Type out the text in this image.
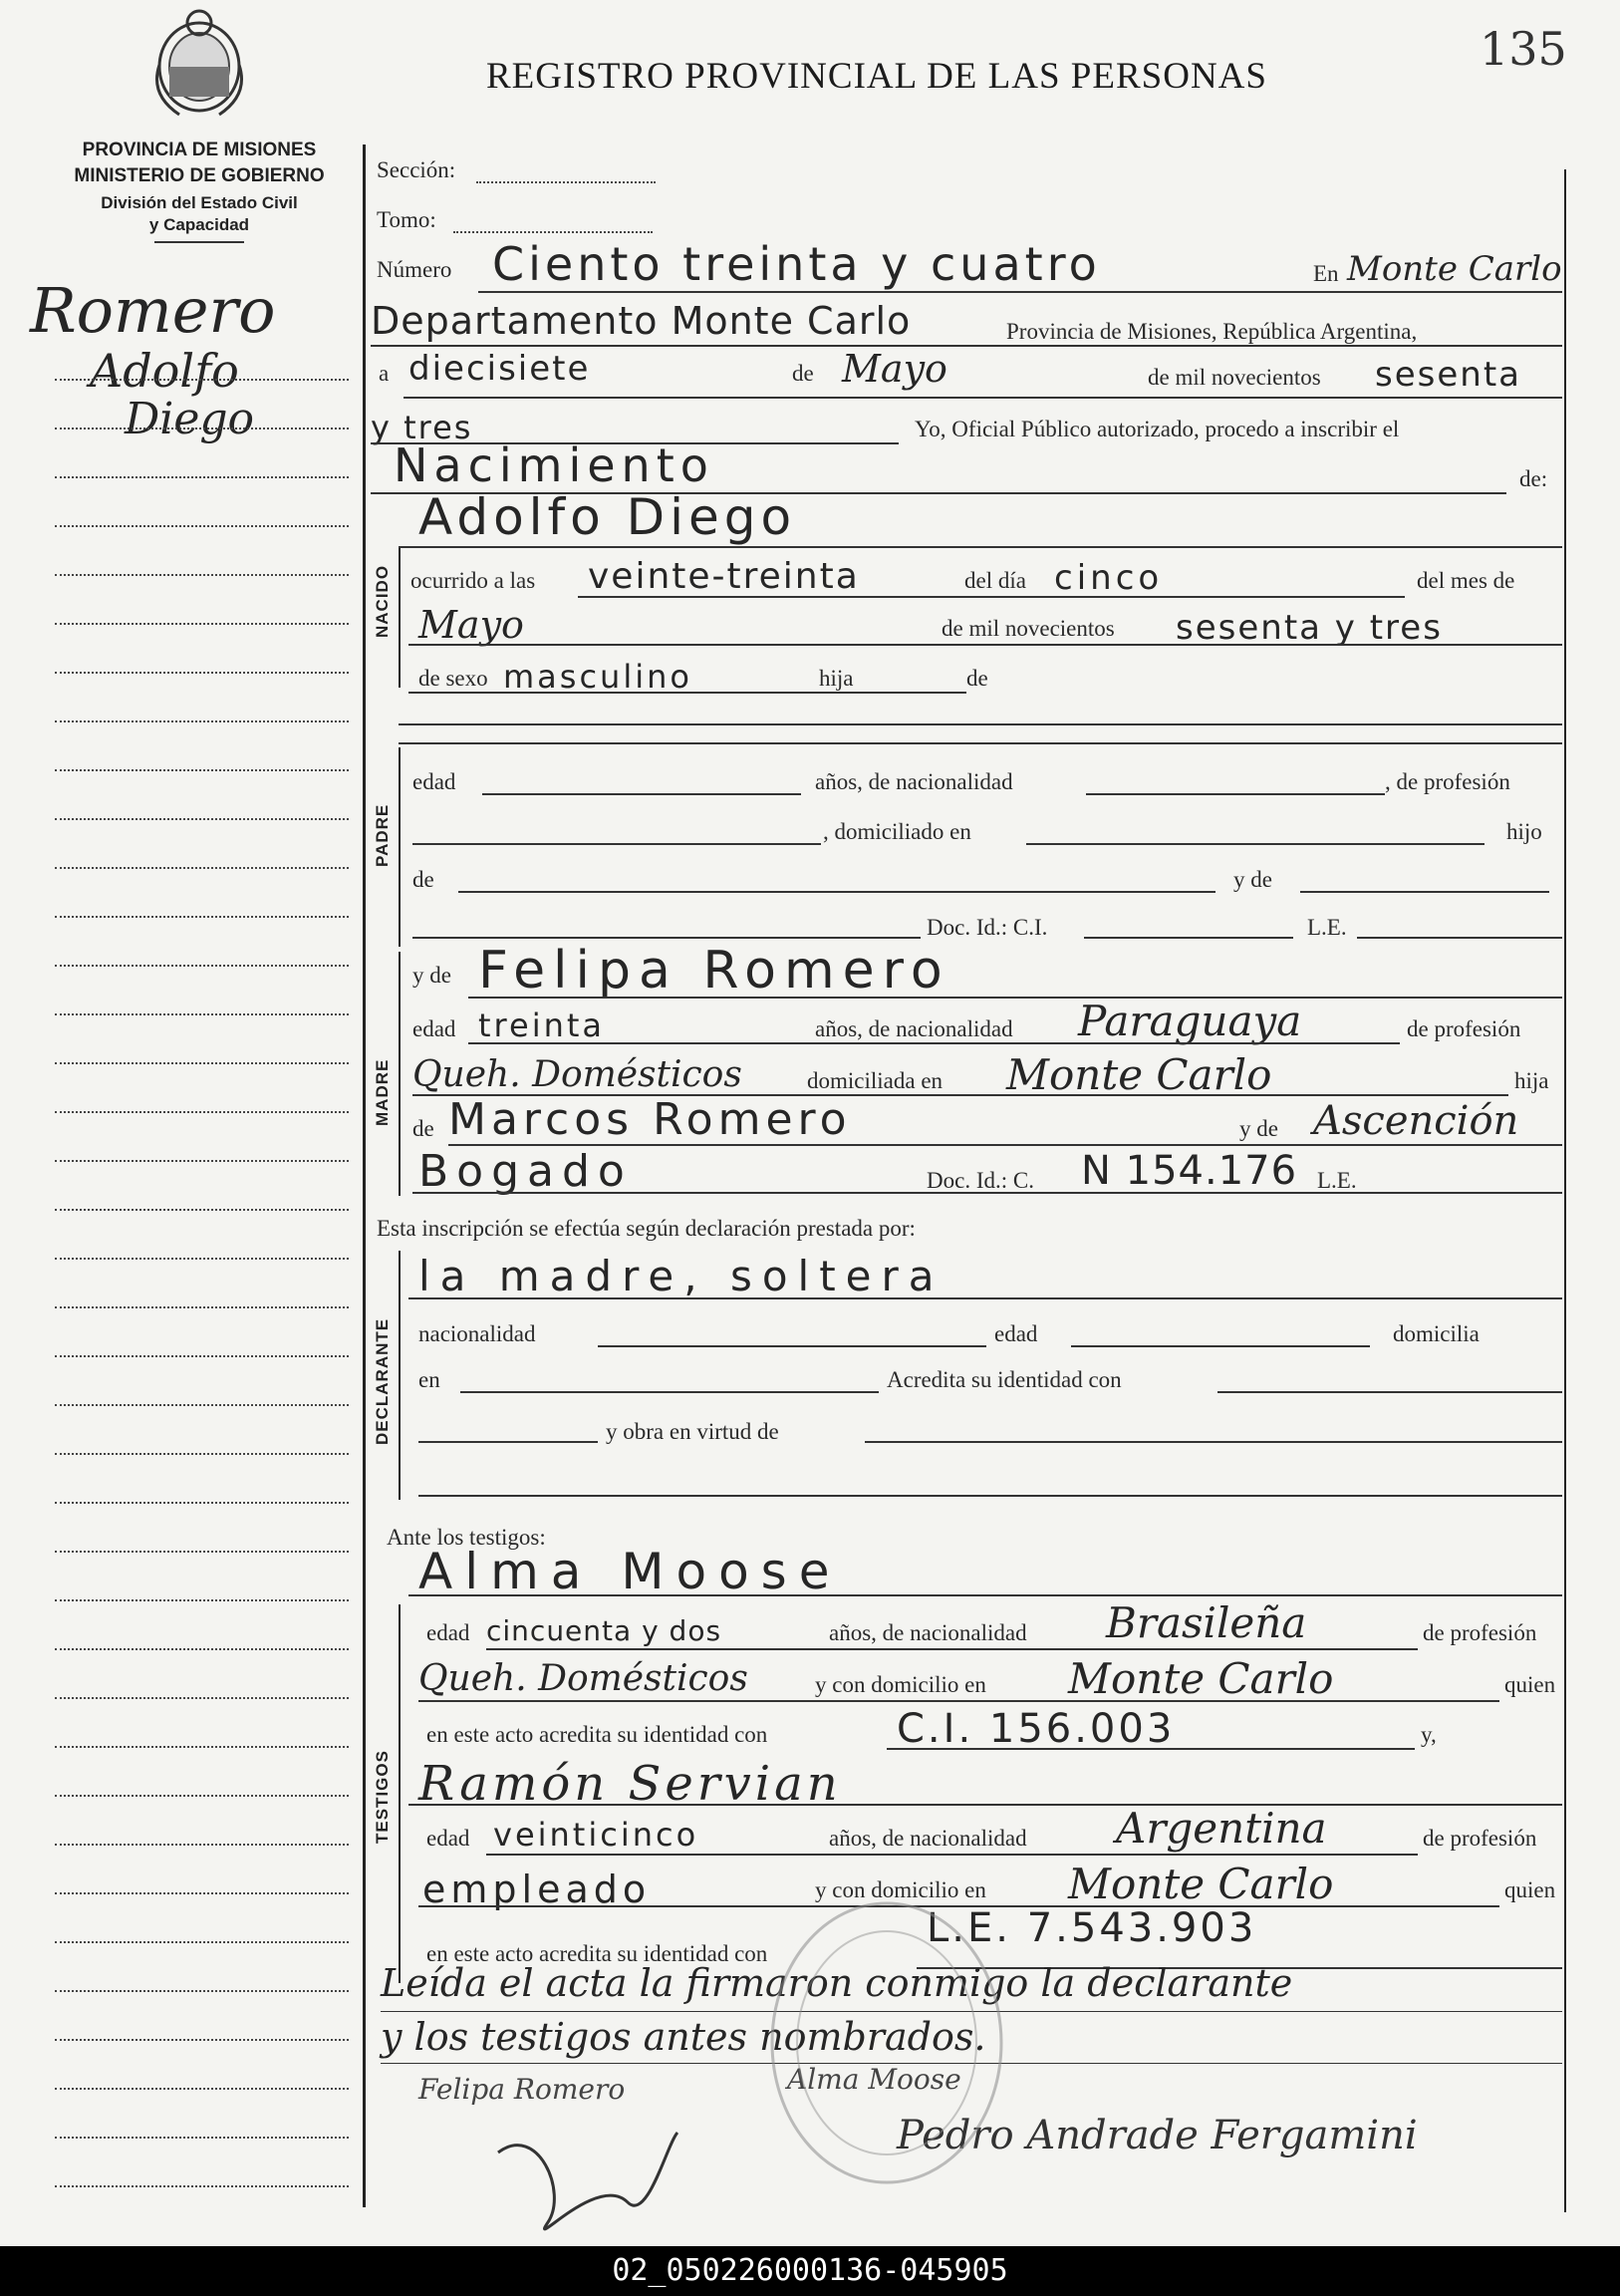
135
REGISTRO PROVINCIAL DE LAS PERSONAS
PROVINCIA DE MISIONES
MINISTERIO DE GOBIERNO
División del Estado Civil
y Capacidad
Romero
Adolfo
Diego
Sección:
Tomo:
Número Ciento treinta y cuatro	En Monte Carlo
Departamento Monte Carlo	Provincia de Misiones, República Argentina,
a diecisiete	de Mayo	de mil novecientos sesenta
y tres	Yo, Oficial Público autorizado, procedo a inscribir el
Nacimiento	de:
Adolfo Diego
NACIDO ocurrido a las veinte-treinta	del día cinco	del mes de
Mayo	de mil novecientos sesenta y tres
de sexo masculino	hija	de
PADRE
edad	años, de nacionalidad	, de profesión
, domiciliado en	hijo
de	y de
Doc. Id.: C.I.	L.E.
MADRE
y de Felipa Romero
edad treinta	años, de nacionalidad Paraguaya	de profesión
Queh. Domésticos	domiciliada en Monte Carlo	hija
de Marcos Romero	y de Ascención
Bogado	Doc. Id.: C. N 154.176 L.E.
Esta inscripción se efectúa según declaración prestada por:
DECLARANTE
la madre, soltera
nacionalidad	edad	domicilia
en	Acredita su identidad con
y obra en virtud de
Ante los testigos:
Alma Moose
TESTIGOS
edad cincuenta y dos	años, de nacionalidad Brasileña	de profesión
Queh. Domésticos	y con domicilio en Monte Carlo	quien
en este acto acredita su identidad con	C.I. 156.003	y,
Ramón Servian
edad veinticinco	años, de nacionalidad Argentina	de profesión
empleado	y con domicilio en Monte Carlo	quien
en este acto acredita su identidad con
L.E. 7.543.903
Leída el acta la firmaron conmigo la declarante
y los testigos antes nombrados.
Felipa Romero	Alma Moose
Pedro Andrade Fergamini
02_050226000136-045905
